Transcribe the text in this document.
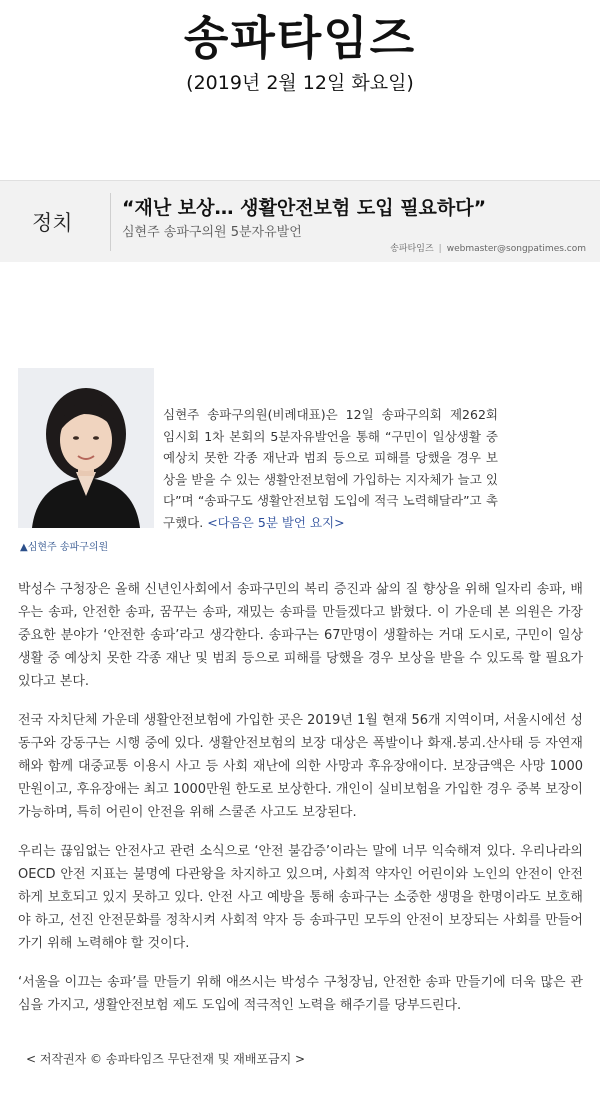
송파타임즈
(2019년 2월 12일 화요일)
정치
“재난 보상… 생활안전보험 도입 필요하다”
심현주 송파구의원 5분자유발언
송파타임즈 | webmaster@songpatimes.com
▲심현주 송파구의원
심현주 송파구의원(비례대표)은 12일 송파구의회 제262회 임시회 1차 본회의 5분자유발언을 통해 “구민이 일상생활 중 예상치 못한 각종 재난과 범죄 등으로 피해를 당했을 경우 보상을 받을 수 있는 생활안전보험에 가입하는 지자체가 늘고 있다”며 “송파구도 생활안전보험 도입에 적극 노력해달라”고 촉구했다. <다음은 5분 발언 요지>

박성수 구청장은 올해 신년인사회에서 송파구민의 복리 증진과 삶의 질 향상을 위해 일자리 송파, 배우는 송파, 안전한 송파, 꿈꾸는 송파, 재밌는 송파를 만들겠다고 밝혔다. 이 가운데 본 의원은 가장 중요한 분야가 ‘안전한 송파’라고 생각한다. 송파구는 67만명이 생활하는 거대 도시로, 구민이 일상생활 중 예상치 못한 각종 재난 및 범죄 등으로 피해를 당했을 경우 보상을 받을 수 있도록 할 필요가 있다고 본다.

전국 자치단체 가운데 생활안전보험에 가입한 곳은 2019년 1월 현재 56개 지역이며, 서울시에선 성동구와 강동구는 시행 중에 있다. 생활안전보험의 보장 대상은 폭발이나 화재.붕괴.산사태 등 자연재해와 함께 대중교통 이용시 사고 등 사회 재난에 의한 사망과 후유장애이다. 보장금액은 사망 1000만원이고, 후유장애는 최고 1000만원 한도로 보상한다. 개인이 실비보험을 가입한 경우 중복 보장이 가능하며, 특히 어린이 안전을 위해 스쿨존 사고도 보장된다.

우리는 끊임없는 안전사고 관련 소식으로 ‘안전 불감증’이라는 말에 너무 익숙해져 있다. 우리나라의 OECD 안전 지표는 불명예 다관왕을 차지하고 있으며, 사회적 약자인 어린이와 노인의 안전이 안전하게 보호되고 있지 못하고 있다. 안전 사고 예방을 통해 송파구는 소중한 생명을 한명이라도 보호해야 하고, 선진 안전문화를 정착시켜 사회적 약자 등 송파구민 모두의 안전이 보장되는 사회를 만들어가기 위해 노력해야 할 것이다.

‘서울을 이끄는 송파’를 만들기 위해 애쓰시는 박성수 구청장님, 안전한 송파 만들기에 더욱 많은 관심을 가지고, 생활안전보험 제도 도입에 적극적인 노력을 해주기를 당부드린다.

< 저작권자 © 송파타임즈 무단전재 및 재배포금지 >
